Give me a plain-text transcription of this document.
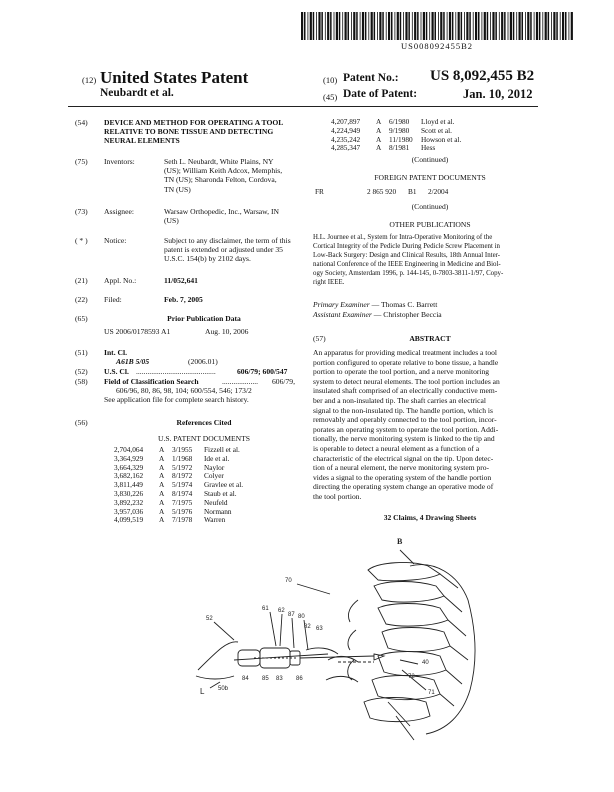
US008092455B2
(12) United States Patent
Neubardt et al.
(10) Patent No.: US 8,092,455 B2
(45) Date of Patent:	Jan. 10, 2012
(54) DEVICE AND METHOD FOR OPERATING A TOOL RELATIVE TO BONE TISSUE AND DETECTING NEURAL ELEMENTS
(75) Inventors:	Seth L. Neubardt, White Plains, NY
(US); William Keith Adcox, Memphis,
TN (US); Sharonda Felton, Cordova,
TN (US)
(73) Assignee:	Warsaw Orthopedic, Inc., Warsaw, IN
(US)
( * ) Notice:	Subject to any disclaimer, the term of this
patent is extended or adjusted under 35
U.S.C. 154(b) by 2102 days.
(21) Appl. No.:	11/052,641
(22) Filed:	Feb. 7, 2005
(65)	Prior Publication Data
US 2006/0178593 A1	Aug. 10, 2006
(51) Int. Cl.
A61B 5/05	(2006.01)
(52) U.S. Cl. ..........................................	606/79; 600/547
(58) Field of Classification Search	................... 606/79,
606/96, 80, 86, 98, 104; 600/554, 546; 173/2
See application file for complete search history.
(56)	References Cited
U.S. PATENT DOCUMENTS
2,704,064 A 3/1955 Fizzell et al.
3,364,929 A 1/1968 Ide et al.
3,664,329 A 5/1972 Naylor
3,682,162 A 8/1972 Colyer
3,811,449 A 5/1974 Gravlee et al.
3,830,226 A 8/1974 Staub et al.
3,892,232 A 7/1975 Neufeld
3,957,036 A 5/1976 Normann
4,099,519 A 7/1978 Warren
4,207,897 A 6/1980 Lloyd et al.
4,224,949 A 9/1980 Scott et al.
4,235,242 A 11/1980 Howson et al.
4,285,347 A 8/1981 Hess
(Continued)
FOREIGN PATENT DOCUMENTS
FR	2 865 920 B1 2/2004
(Continued)
OTHER PUBLICATIONS
H.L. Journee et al., System for Intra-Operative Monitoring of the
Cortical Integrity of the Pedicle During Pedicle Screw Placement in
Low-Back Surgery: Design and Clinical Results, 18th Annual Inter-
national Conference of the IEEE Engineering in Medicine and Biol-
ogy Society, Amsterdam 1996, p. 144-145, 0-7803-3811-1/97, Copy-
right IEEE.
Primary Examiner — Thomas C. Barrett
Assistant Examiner — Christopher Beccia
(57)	ABSTRACT
An apparatus for providing medical treatment includes a tool
portion configured to operate relative to bone tissue, a handle
portion to operate the tool portion, and a nerve monitoring
system to detect neural elements. The tool portion includes an
insulated shaft comprised of an electrically conductive mem-
ber and a non-insulated tip. The shaft carries an electrical
signal to the non-insulated tip. The handle portion, which is
removably and operably connected to the tool portion, incor-
porates an operating system to operate the tool portion. Addi-
tionally, the nerve monitoring system is linked to the tip and
is operable to detect a neural element as a function of a
characteristic of the electrical signal on the tip. Upon detec-
tion of a neural element, the nerve monitoring system pro-
vides a signal to the operating system of the handle portion
directing the operating system change an operative mode of
the tool portion.
32 Claims, 4 Drawing Sheets
B
70
61 62
87 80
82 63
52
40
72
71
L 50b
84 85 83 86
